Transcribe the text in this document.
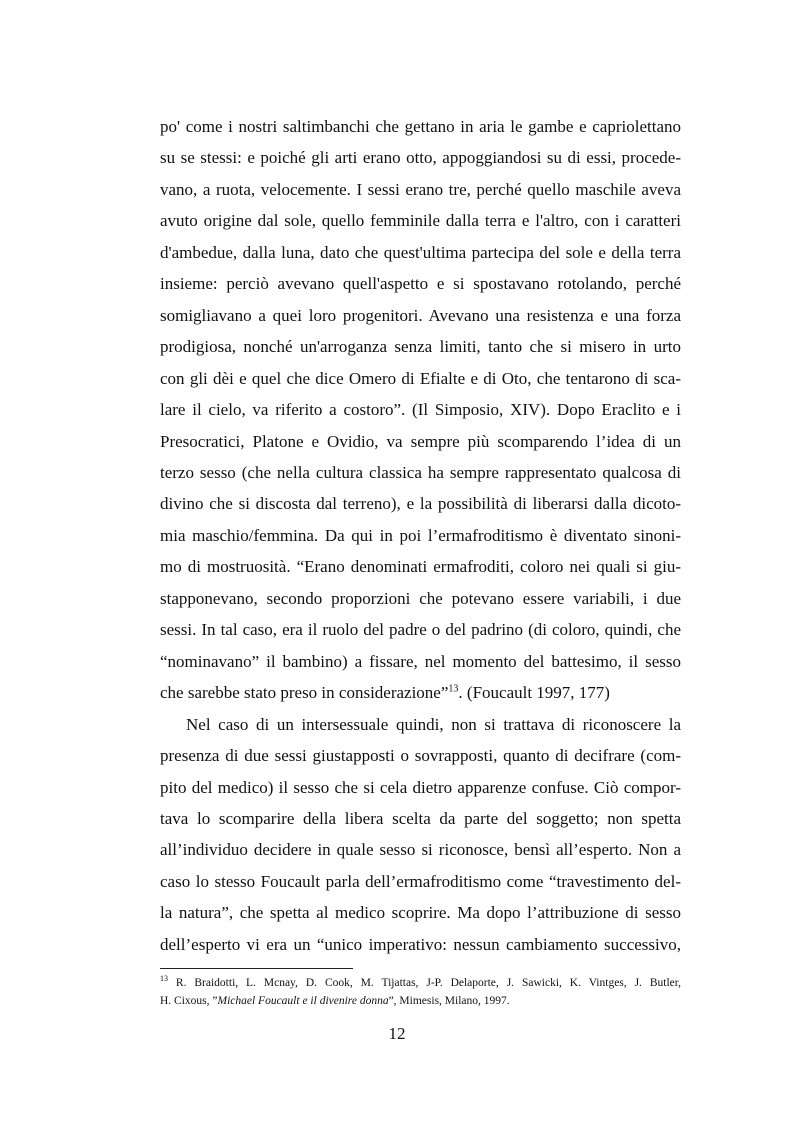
po' come i nostri saltimbanchi che gettano in aria le gambe e capriolettano
su se stessi: e poiché gli arti erano otto, appoggiandosi su di essi, procede-
vano, a ruota, velocemente. I sessi erano tre, perché quello maschile aveva
avuto origine dal sole, quello femminile dalla terra e l'altro, con i caratteri
d'ambedue, dalla luna, dato che quest'ultima partecipa del sole e della terra
insieme: perciò avevano quell'aspetto e si spostavano rotolando, perché
somigliavano a quei loro progenitori. Avevano una resistenza e una forza
prodigiosa, nonché un'arroganza senza limiti, tanto che si misero in urto
con gli dèi e quel che dice Omero di Efialte e di Oto, che tentarono di sca-
lare il cielo, va riferito a costoro”. (Il Simposio, XIV). Dopo Eraclito e i
Presocratici, Platone e Ovidio, va sempre più scomparendo l’idea di un
terzo sesso (che nella cultura classica ha sempre rappresentato qualcosa di
divino che si discosta dal terreno), e la possibilità di liberarsi dalla dicoto-
mia maschio/femmina. Da qui in poi l’ermafroditismo è diventato sinoni-
mo di mostruosità. “Erano denominati ermafroditi, coloro nei quali si giu-
stapponevano, secondo proporzioni che potevano essere variabili, i due
sessi. In tal caso, era il ruolo del padre o del padrino (di coloro, quindi, che
“nominavano” il bambino) a fissare, nel momento del battesimo, il sesso
che sarebbe stato preso in considerazione”$^{13}$. (Foucault 1997, 177)
Nel caso di un intersessuale quindi, non si trattava di riconoscere la
presenza di due sessi giustapposti o sovrapposti, quanto di decifrare (com-
pito del medico) il sesso che si cela dietro apparenze confuse. Ciò compor-
tava lo scomparire della libera scelta da parte del soggetto; non spetta
all’individuo decidere in quale sesso si riconosce, bensì all’esperto. Non a
caso lo stesso Foucault parla dell’ermafroditismo come “travestimento del-
la natura”, che spetta al medico scoprire. Ma dopo l’attribuzione di sesso
dell’esperto vi era un “unico imperativo: nessun cambiamento successivo,
$^{13}$ R. Braidotti, L. Mcnay, D. Cook, M. Tijattas, J-P. Delaporte, J. Sawicki, K. Vintges, J. Butler,
H. Cixous, ”Michael Foucault e il divenire donna”, Mimesis, Milano, 1997.
12
